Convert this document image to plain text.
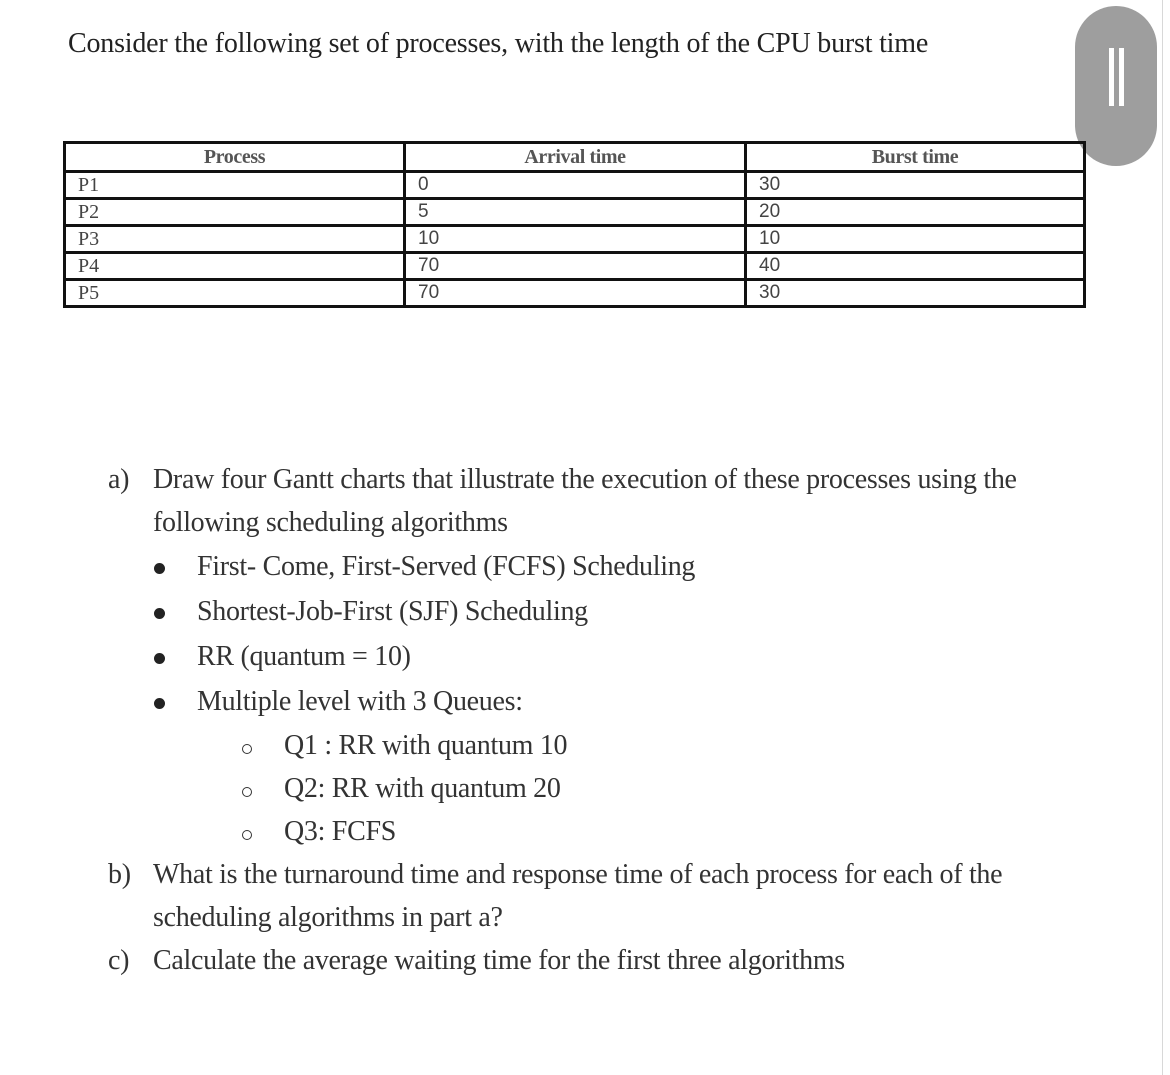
Consider the following set of processes, with the length of the CPU burst time
Process	Arrival time	Burst time
P1	0	30
P2	5	20
P3	10	10
P4	70	40
P5	70	30
a) Draw four Gantt charts that illustrate the execution of these processes using the
following scheduling algorithms
First- Come, First-Served (FCFS) Scheduling
Shortest-Job-First (SJF) Scheduling
RR (quantum = 10)
Multiple level with 3 Queues:
Q1 : RR with quantum 10
Q2: RR with quantum 20
Q3: FCFS
b) What is the turnaround time and response time of each process for each of the
scheduling algorithms in part a?
c) Calculate the average waiting time for the first three algorithms
